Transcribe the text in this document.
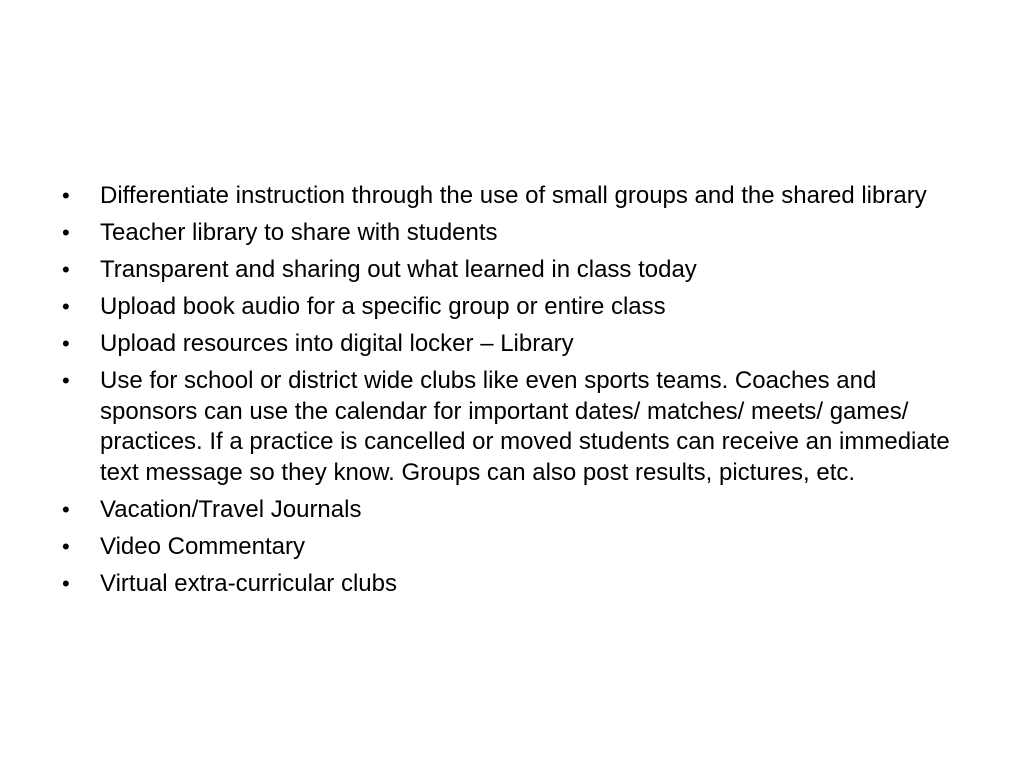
•	Differentiate instruction through the use of small groups and the shared library
•	Teacher library to share with students
•	Transparent and sharing out what learned in class today
•	Upload book audio for a specific group or entire class
•	Upload resources into digital locker – Library
•	Use for school or district wide clubs like even sports teams. Coaches and sponsors can use the calendar for important dates/ matches/ meets/ games/ practices. If a practice is cancelled or moved students can receive an immediate text message so they know. Groups can also post results, pictures, etc.
•	Vacation/Travel Journals
•	Video Commentary
•	Virtual extra-curricular clubs
